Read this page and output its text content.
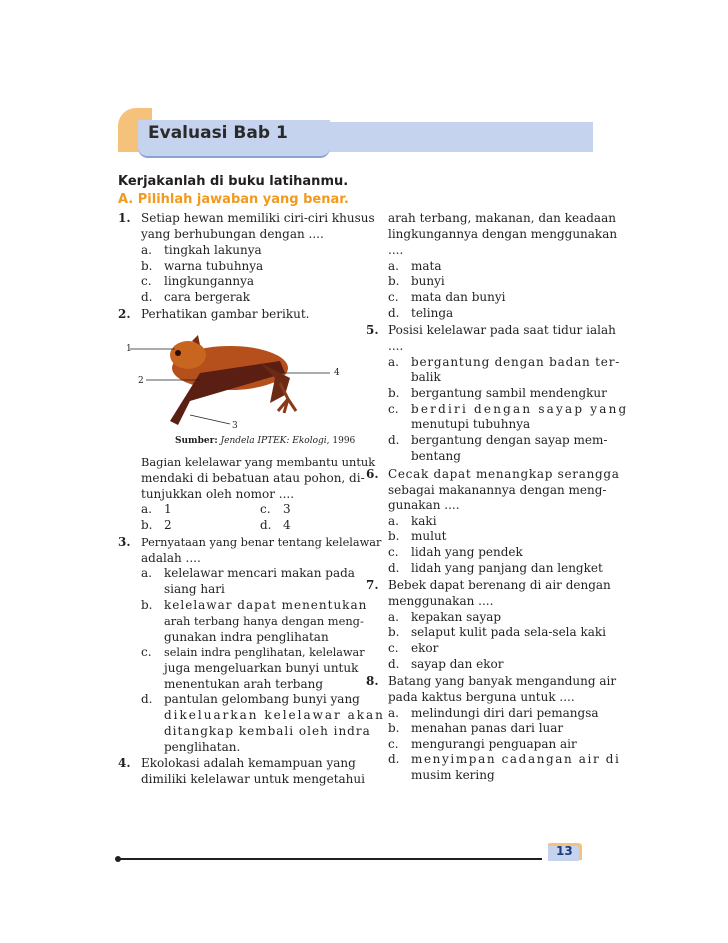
Evaluasi Bab 1
Kerjakanlah di buku latihanmu.
A. Pilihlah jawaban yang benar.
1. Setiap hewan memiliki ciri-ciri khusus
yang berhubungan dengan ....
a. tingkah lakunya
b. warna tubuhnya
c. lingkungannya
d. cara bergerak
2. Perhatikan gambar berikut.
1
2
3
4
Sumber: Jendela IPTEK: Ekologi, 1996
Bagian kelelawar yang membantu untuk
mendaki di bebatuan atau pohon, di-
tunjukkan oleh nomor ....
a. 1	c. 3
b. 2	d. 4
3. Pernyataan yang benar tentang kelelawar
adalah ....
a. kelelawar mencari makan pada
siang hari
b. kelelawar dapat menentukan
arah terbang hanya dengan meng-
gunakan indra penglihatan
c. selain indra penglihatan, kelelawar
juga mengeluarkan bunyi untuk
menentukan arah terbang
d. pantulan gelombang bunyi yang
dikeluarkan kelelawar akan
ditangkap kembali oleh indra
penglihatan.
4. Ekolokasi adalah kemampuan yang
dimiliki kelelawar untuk mengetahui
arah terbang, makanan, dan keadaan
lingkungannya dengan menggunakan
....
a. mata
b. bunyi
c. mata dan bunyi
d. telinga
5. Posisi kelelawar pada saat tidur ialah
....
a. bergantung dengan badan ter-
balik
b. bergantung sambil mendengkur
c. berdiri dengan sayap yang
menutupi tubuhnya
d. bergantung dengan sayap mem-
bentang
6. Cecak dapat menangkap serangga
sebagai makanannya dengan meng-
gunakan ....
a. kaki
b. mulut
c. lidah yang pendek
d. lidah yang panjang dan lengket
7. Bebek dapat berenang di air dengan
menggunakan ....
a. kepakan sayap
b. selaput kulit pada sela-sela kaki
c. ekor
d. sayap dan ekor
8. Batang yang banyak mengandung air
pada kaktus berguna untuk ....
a. melindungi diri dari pemangsa
b. menahan panas dari luar
c. mengurangi penguapan air
d. menyimpan cadangan air di
musim kering
13
